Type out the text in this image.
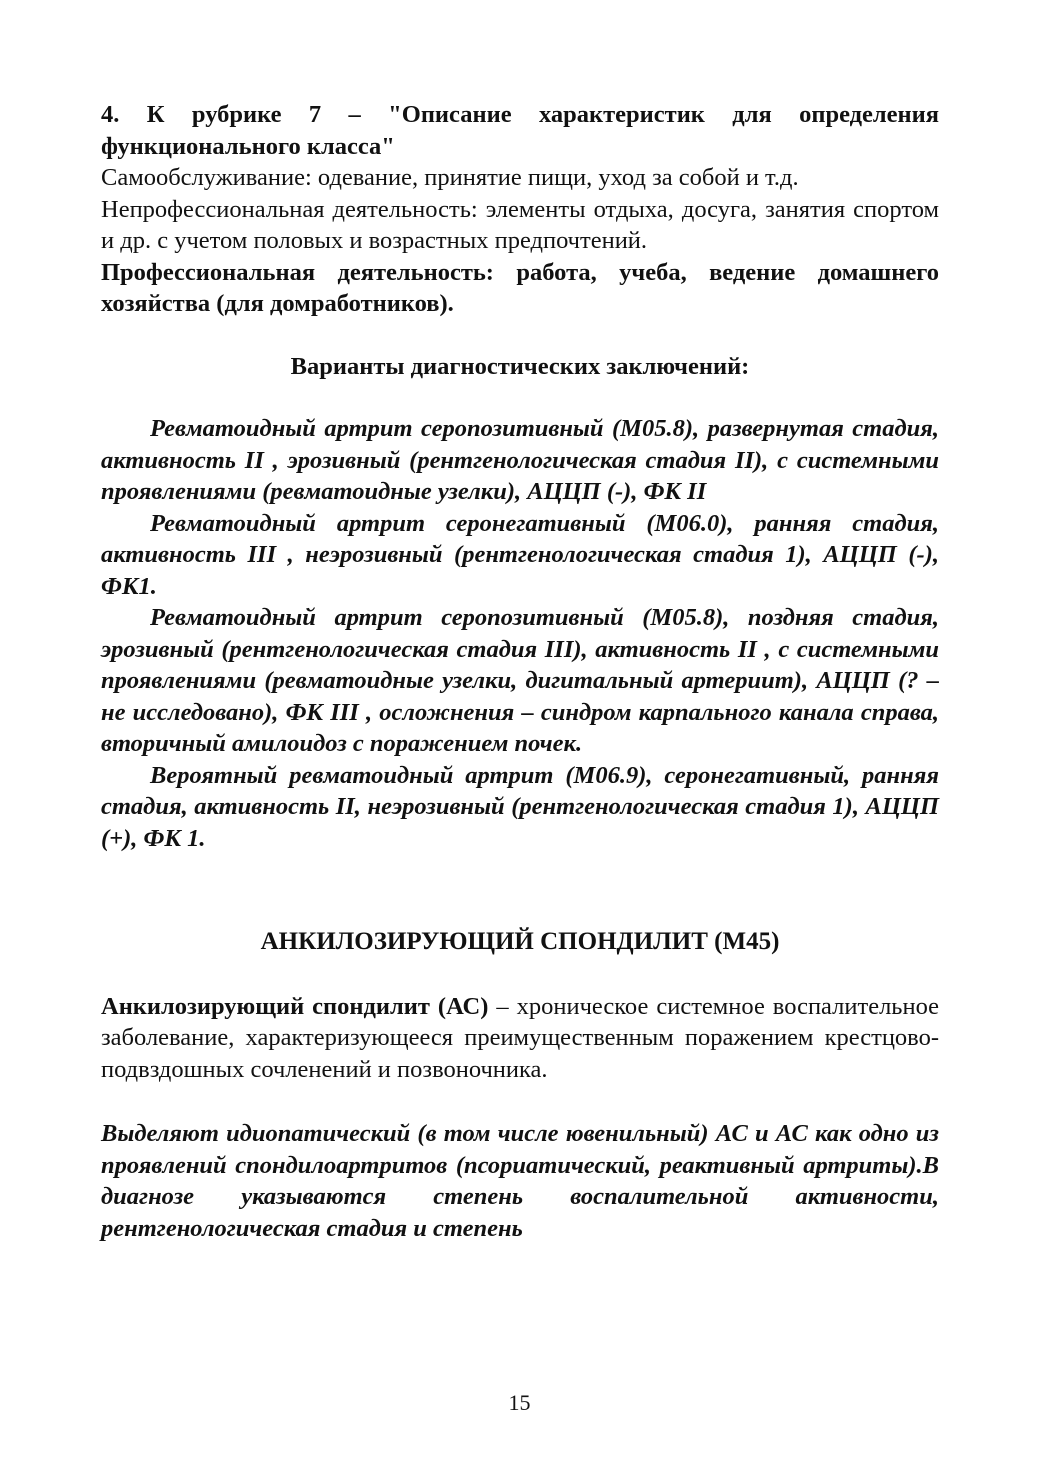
4. К рубрике 7 – "Описание характеристик для определения функционального класса"

Самообслуживание: одевание, принятие пищи, уход за собой и т.д.

Непрофессиональная деятельность: элементы отдыха, досуга, занятия спортом и др. с учетом половых и возрастных предпочтений.

Профессиональная деятельность: работа, учеба, ведение домашнего хозяйства (для домработников).

Варианты диагностических заключений:

Ревматоидный артрит серопозитивный (М05.8), развернутая стадия, активность II , эрозивный (рентгенологическая стадия II), с системными проявлениями (ревматоидные узелки), АЦЦП (-), ФК II

Ревматоидный артрит серонегативный (М06.0), ранняя стадия, активность III , неэрозивный (рентгенологическая стадия 1), АЦЦП (-), ФК1.

Ревматоидный артрит серопозитивный (М05.8), поздняя стадия, эрозивный (рентгенологическая стадия III), активность II , с системными проявлениями (ревматоидные узелки, дигитальный артериит), АЦЦП (? – не исследовано), ФК III , осложнения – синдром карпального канала справа, вторичный амилоидоз с поражением почек.

Вероятный ревматоидный артрит (М06.9), серонегативный, ранняя стадия, активность II, неэрозивный (рентгенологическая стадия 1), АЦЦП (+), ФК 1.

АНКИЛОЗИРУЮЩИЙ СПОНДИЛИТ (М45)

Анкилозирующий спондилит (АС) – хроническое системное воспалительное заболевание, характеризующееся преимущественным поражением крестцово-подвздошных сочленений и позвоночника.

Выделяют идиопатический (в том числе ювенильный) АС и АС как одно из проявлений спондилоартритов (псориатический, реактивный артриты).В диагнозе указываются степень воспалительной активности, рентгенологическая стадия и степень

15
